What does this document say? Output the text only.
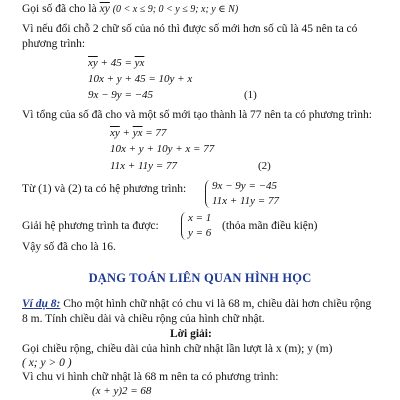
Gọi số đã cho là $\overline{xy}$ (0 < x ≤ 9; 0 < y ≤ 9; x; y ∈ N)
Vì nếu đổi chỗ 2 chữ số của nó thì được số mới hơn số cũ là 45 nên ta có
phương trình:
$\overline{xy} + 45 = \overline{yx}$
10x + y + 45 = 10y + x
9x − 9y = −45	(1)
Vì tổng của số đã cho và một số mới tạo thành là 77 nên ta có phương trình:
$\overline{xy} + \overline{yx} = 77$
10x + y + 10y + x = 77
11x + 11y = 77	(2)
Từ (1) và (2) ta có hệ phương trình: 9x − 9y = −45
11x + 11y = 77
Giải hệ phương trình ta được:
x = 1
y = 6
(thỏa mãn điều kiện)
Vậy số đã cho là 16.
DẠNG TOÁN LIÊN QUAN HÌNH HỌC
Ví dụ 8: Cho một hình chữ nhật có chu vi là 68 m, chiều dài hơn chiều rộng
8 m. Tính chiều dài và chiều rộng của hình chữ nhật.
Lời giải:
Gọi chiều rộng, chiều dài của hình chữ nhật lần lượt là x (m); y (m)
( x; y > 0 )
Vì chu vi hình chữ nhật là 68 m nên ta có phương trình:
(x + y)2 = 68
